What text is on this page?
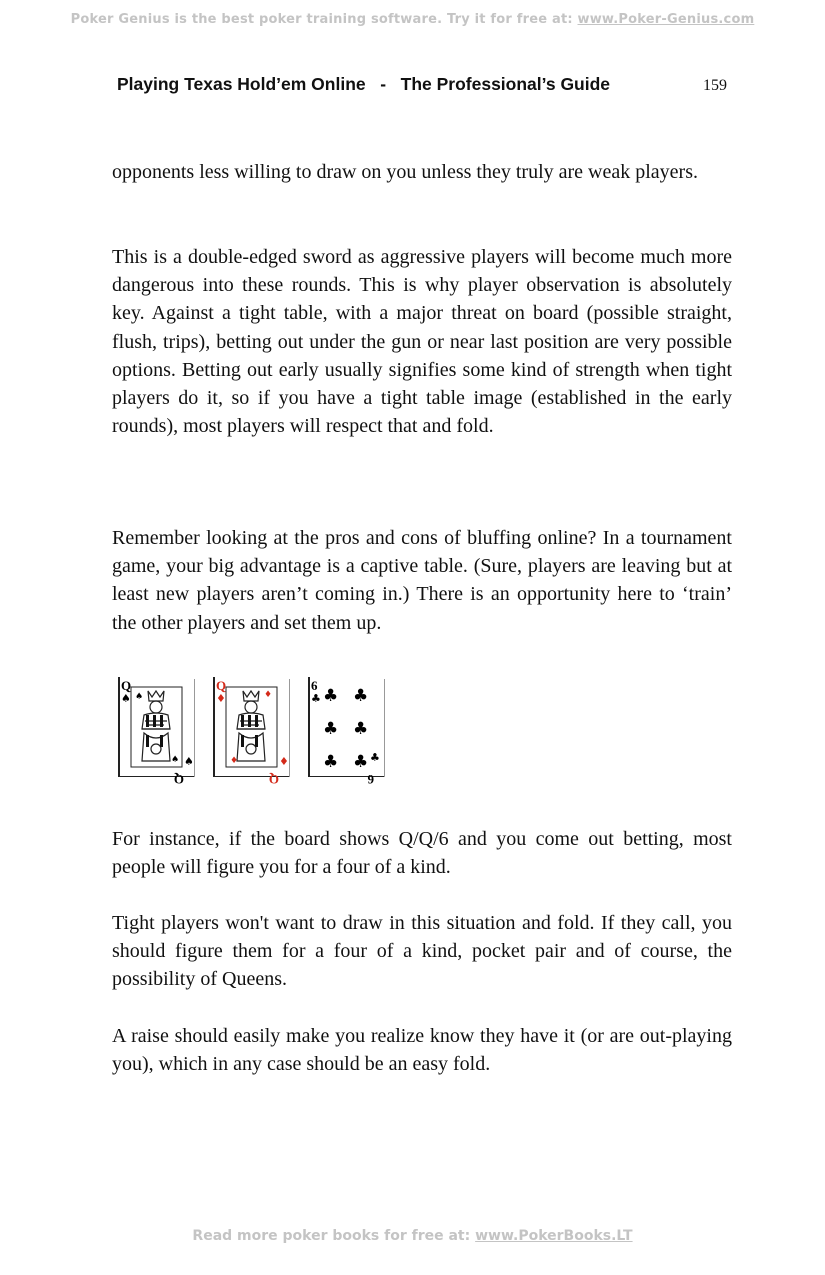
Poker Genius is the best poker training software. Try it for free at: www.Poker-Genius.com
Playing Texas Hold’em Online   -   The Professional’s Guide	159

opponents less willing to draw on you unless they truly are weak players.

This is a double-edged sword as aggressive players will become much more dangerous into these rounds. This is why player observation is absolutely key. Against a tight table, with a major threat on board (possible straight, flush, trips), betting out under the gun or near last position are very possible options. Betting out early usually signifies some kind of strength when tight players do it, so if you have a tight table image (established in the early rounds), most players will respect that and fold.

Remember looking at the pros and cons of bluffing online? In a tournament game, your big advantage is a captive table. (Sure, players are leaving but at least new players aren’t coming in.) There is an opportunity here to ‘train’ the other players and set them up.

Q
♠ ♠
♠ ♠
Q
Q
♦	♦
♦	♦
Q
6
♣ ♣ ♣
♣ ♣
♣ ♣ ♣
6

For instance, if the board shows Q/Q/6 and you come out betting, most people will figure you for a four of a kind.

Tight players won't want to draw in this situation and fold. If they call, you should figure them for a four of a kind, pocket pair and of course, the possibility of Queens.

A raise should easily make you realize know they have it (or are out-playing you), which in any case should be an easy fold.

Read more poker books for free at: www.PokerBooks.LT
